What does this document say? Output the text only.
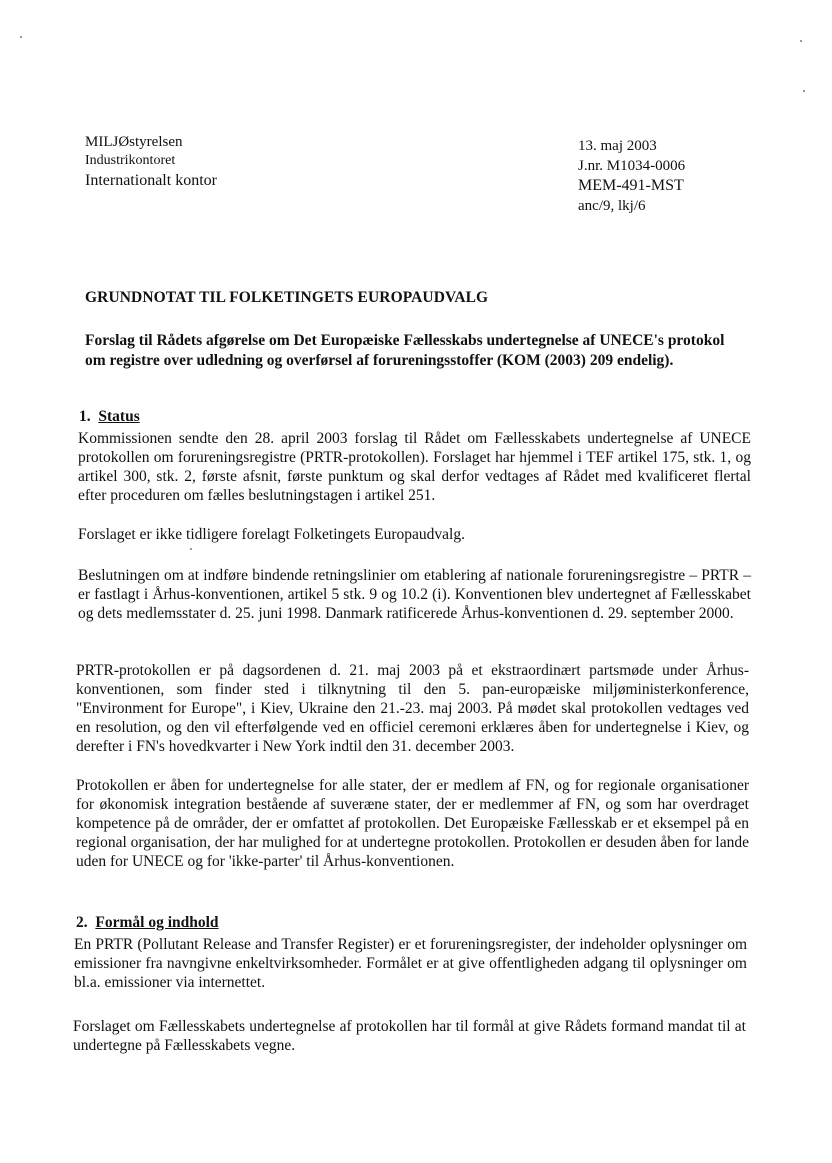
MILJØstyrelsen
Industrikontoret
Internationalt kontor
13. maj 2003
J.nr. M1034-0006
MEM-491-MST
anc/9, lkj/6
GRUNDNOTAT TIL FOLKETINGETS EUROPAUDVALG
Forslag til Rådets afgørelse om Det Europæiske Fællesskabs undertegnelse af UNECE's protokol om registre over udledning og overførsel af forureningsstoffer (KOM (2003) 209 endelig).
1. Status
Kommissionen sendte den 28. april 2003 forslag til Rådet om Fællesskabets undertegnelse af UNECE protokollen om forureningsregistre (PRTR-protokollen). Forslaget har hjemmel i TEF artikel 175, stk. 1, og artikel 300, stk. 2, første afsnit, første punktum og skal derfor vedtages af Rådet med kvalificeret flertal efter proceduren om fælles beslutningstagen i artikel 251.
Forslaget er ikke tidligere forelagt Folketingets Europaudvalg.
Beslutningen om at indføre bindende retningslinier om etablering af nationale forureningsregistre – PRTR – er fastlagt i Århus-konventionen, artikel 5 stk. 9 og 10.2 (i). Konventionen blev undertegnet af Fællesskabet og dets medlemsstater d. 25. juni 1998. Danmark ratificerede Århus-konventionen d. 29. september 2000.
PRTR-protokollen er på dagsordenen d. 21. maj 2003 på et ekstraordinært partsmøde under Århus-konventionen, som finder sted i tilknytning til den 5. pan-europæiske miljøministerkonference, "Environment for Europe", i Kiev, Ukraine den 21.-23. maj 2003. På mødet skal protokollen vedtages ved en resolution, og den vil efterfølgende ved en officiel ceremoni erklæres åben for undertegnelse i Kiev, og derefter i FN's hovedkvarter i New York indtil den 31. december 2003.
Protokollen er åben for undertegnelse for alle stater, der er medlem af FN, og for regionale organisationer for økonomisk integration bestående af suveræne stater, der er medlemmer af FN, og som har overdraget kompetence på de områder, der er omfattet af protokollen. Det Europæiske Fællesskab er et eksempel på en regional organisation, der har mulighed for at undertegne protokollen. Protokollen er desuden åben for lande uden for UNECE og for 'ikke-parter' til Århus-konventionen.
2. Formål og indhold
En PRTR (Pollutant Release and Transfer Register) er et forureningsregister, der indeholder oplysninger om emissioner fra navngivne enkeltvirksomheder. Formålet er at give offentligheden adgang til oplysninger om bl.a. emissioner via internettet.
Forslaget om Fællesskabets undertegnelse af protokollen har til formål at give Rådets formand mandat til at undertegne på Fællesskabets vegne.
